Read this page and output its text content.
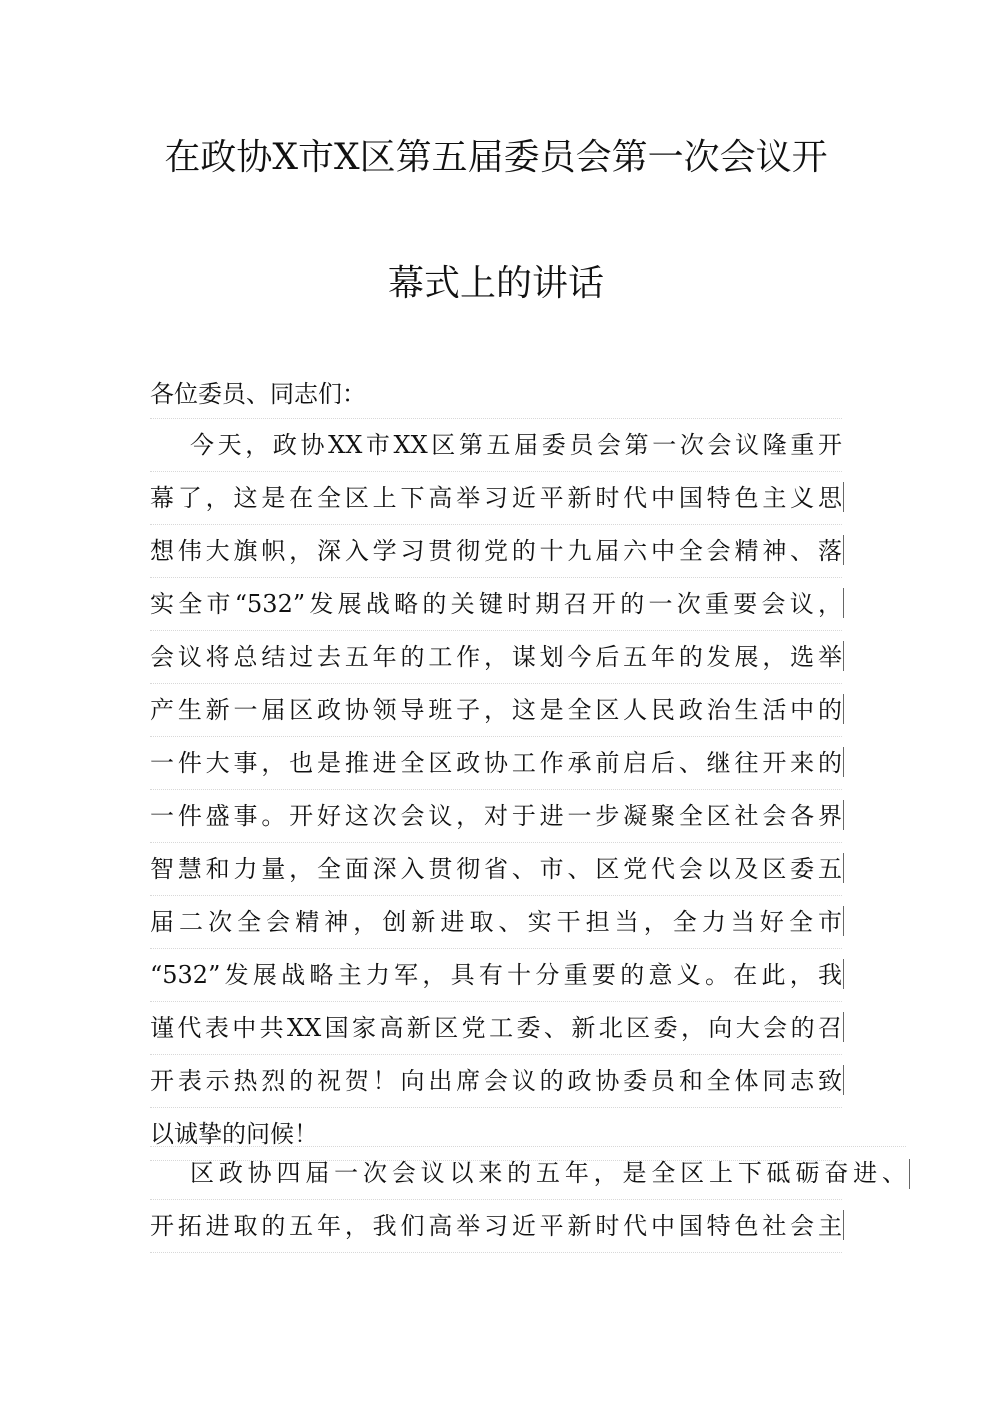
在政协X市X区第五届委员会第一次会议开
幕式上的讲话
各位委员、同志们：
今天，政协XX市XX区第五届委员会第一次会议隆重开
幕了，这是在全区上下高举习近平新时代中国特色主义思
想伟大旗帜，深入学习贯彻党的十九届六中全会精神、落
实全市“532”发展战略的关键时期召开的一次重要会议，
会议将总结过去五年的工作，谋划今后五年的发展，选举
产生新一届区政协领导班子，这是全区人民政治生活中的
一件大事，也是推进全区政协工作承前启后、继往开来的
一件盛事。开好这次会议，对于进一步凝聚全区社会各界
智慧和力量，全面深入贯彻省、市、区党代会以及区委五
届二次全会精神，创新进取、实干担当，全力当好全市
“532”发展战略主力军，具有十分重要的意义。在此，我
谨代表中共XX国家高新区党工委、新北区委，向大会的召
开表示热烈的祝贺！向出席会议的政协委员和全体同志致
以诚挚的问候！
区政协四届一次会议以来的五年，是全区上下砥砺奋进、
开拓进取的五年，我们高举习近平新时代中国特色社会主
